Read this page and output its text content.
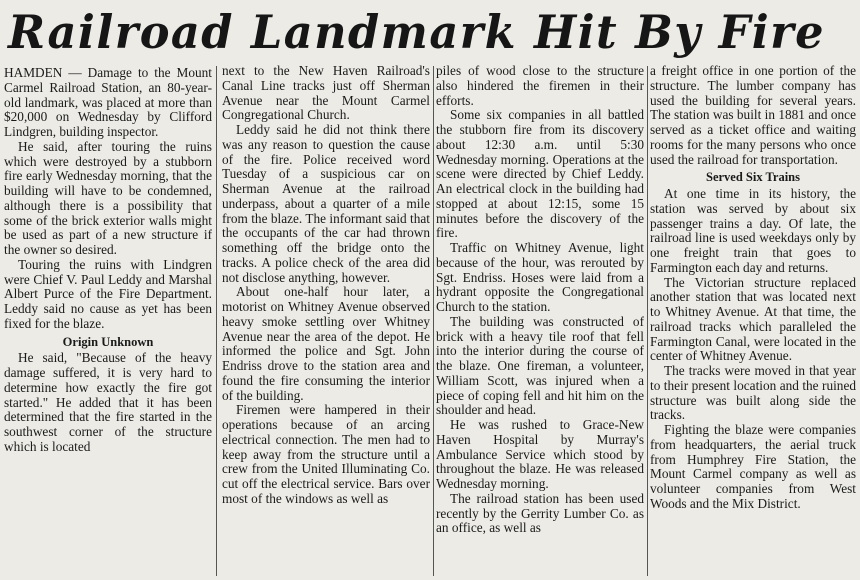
Railroad Landmark Hit By Fire

HAMDEN — Damage to the Mount Carmel Railroad Station, an 80-year-old landmark, was placed at more than $20,000 on Wednesday by Clifford Lindgren, building inspector.

He said, after touring the ruins which were destroyed by a stubborn fire early Wednesday morning, that the building will have to be condemned, although there is a possibility that some of the brick exterior walls might be used as part of a new structure if the owner so desired.

Touring the ruins with Lindgren were Chief V. Paul Leddy and Marshal Albert Purce of the Fire Department. Leddy said no cause as yet has been fixed for the blaze.

Origin Unknown

He said, "Because of the heavy damage suffered, it is very hard to determine how exactly the fire got started." He added that it has been determined that the fire started in the southwest corner of the structure which is located

next to the New Haven Railroad's Canal Line tracks just off Sherman Avenue near the Mount Carmel Congregational Church.

Leddy said he did not think there was any reason to question the cause of the fire. Police received word Tuesday of a suspicious car on Sherman Avenue at the railroad underpass, about a quarter of a mile from the blaze. The informant said that the occupants of the car had thrown something off the bridge onto the tracks. A police check of the area did not disclose anything, however.

About one-half hour later, a motorist on Whitney Avenue observed heavy smoke settling over Whitney Avenue near the area of the depot. He informed the police and Sgt. John Endriss drove to the station area and found the fire consuming the interior of the building.

Firemen were hampered in their operations because of an arcing electrical connection. The men had to keep away from the structure until a crew from the United Illuminating Co. cut off the electrical service. Bars over most of the windows as well as

piles of wood close to the structure also hindered the firemen in their efforts.

Some six companies in all battled the stubborn fire from its discovery about 12:30 a.m. until 5:30 Wednesday morning. Operations at the scene were directed by Chief Leddy. An electrical clock in the building had stopped at about 12:15, some 15 minutes before the discovery of the fire.

Traffic on Whitney Avenue, light because of the hour, was rerouted by Sgt. Endriss. Hoses were laid from a hydrant opposite the Congregational Church to the station.

The building was constructed of brick with a heavy tile roof that fell into the interior during the course of the blaze. One fireman, a volunteer, William Scott, was injured when a piece of coping fell and hit him on the shoulder and head.

He was rushed to Grace-New Haven Hospital by Murray's Ambulance Service which stood by throughout the blaze. He was released Wednesday morning.

The railroad station has been used recently by the Gerrity Lumber Co. as an office, as well as

a freight office in one portion of the structure. The lumber company has used the building for several years. The station was built in 1881 and once served as a ticket office and waiting rooms for the many persons who once used the railroad for transportation.

Served Six Trains

At one time in its history, the station was served by about six passenger trains a day. Of late, the railroad line is used weekdays only by one freight train that goes to Farmington each day and returns.

The Victorian structure replaced another station that was located next to Whitney Avenue. At that time, the railroad tracks which paralleled the Farmington Canal, were located in the center of Whitney Avenue.

The tracks were moved in that year to their present location and the ruined structure was built along side the tracks.

Fighting the blaze were companies from headquarters, the aerial truck from Humphrey Fire Station, the Mount Carmel company as well as volunteer companies from West Woods and the Mix District.
